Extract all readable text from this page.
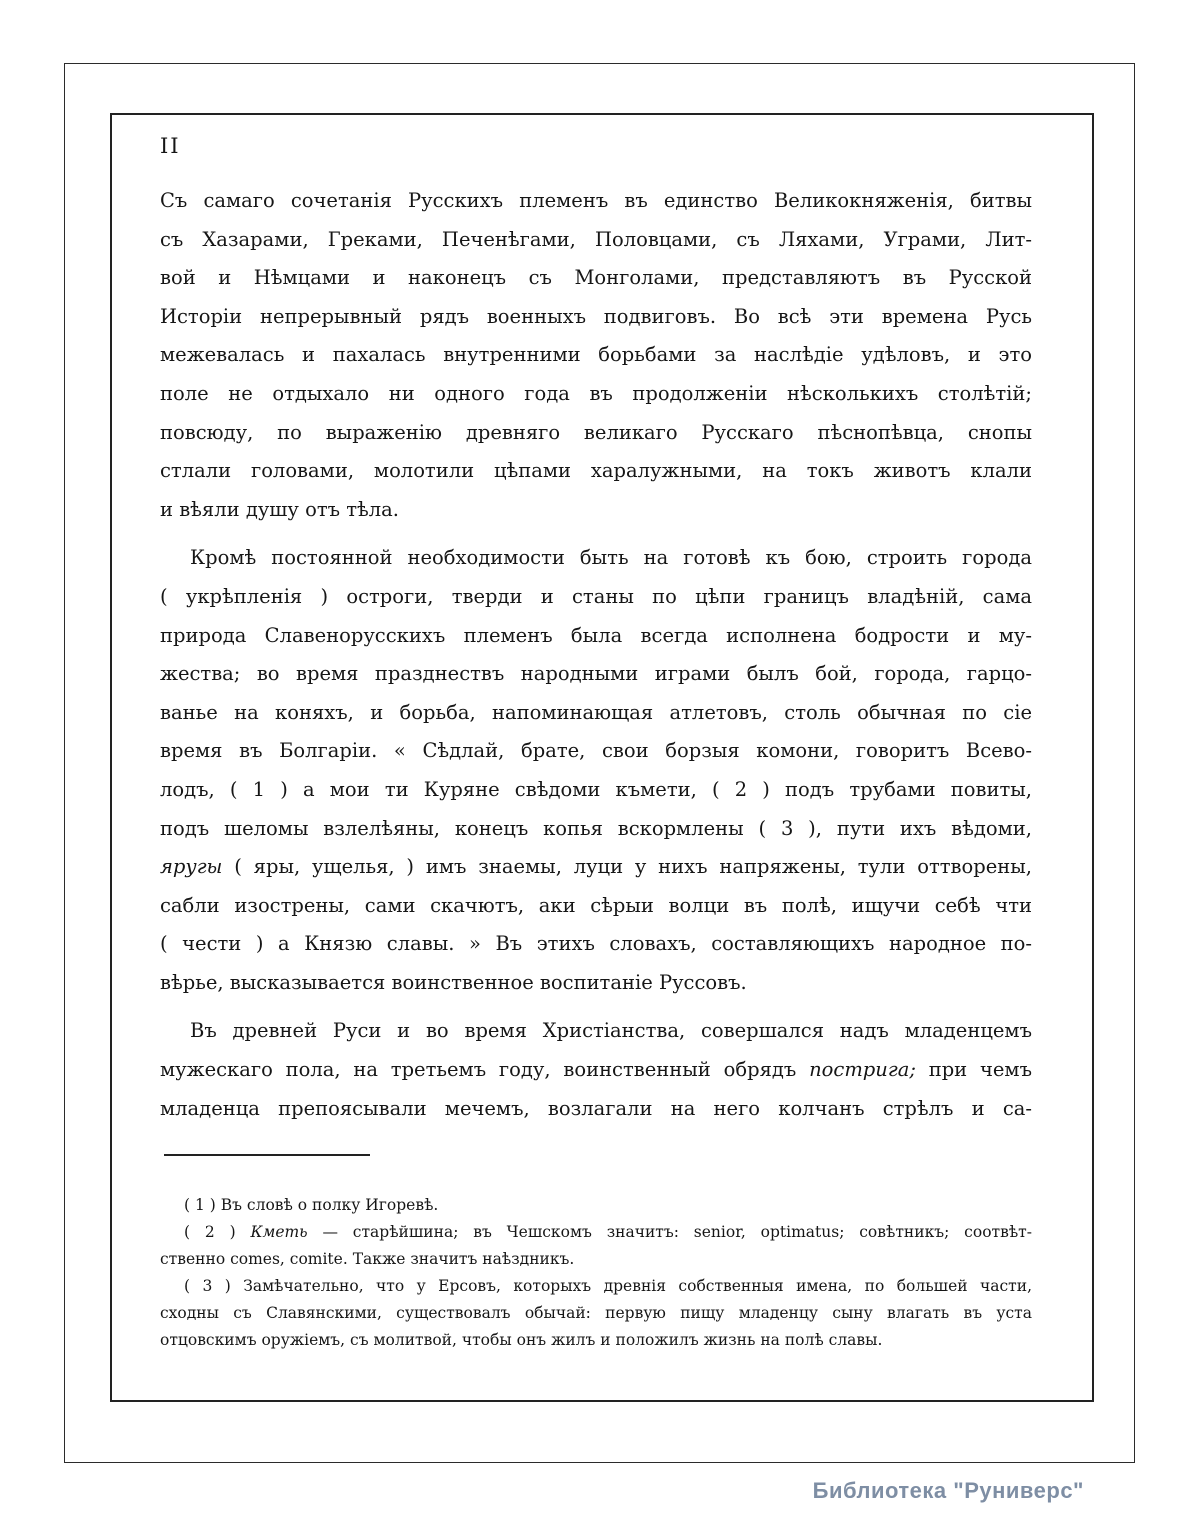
II
Съ самаго сочетанія Русскихъ племенъ въ единство Великокняженія, битвы
съ Хазарами, Греками, Печенѣгами, Половцами, съ Ляхами, Уграми, Лит-
вой и Нѣмцами и наконецъ съ Монголами, представляютъ въ Русской
Исторіи непрерывный рядъ военныхъ подвиговъ. Во всѣ эти времена Русь
межевалась и пахалась внутренними борьбами за наслѣдіе удѣловъ, и это
поле не отдыхало ни одного года въ продолженіи нѣсколькихъ столѣтій;
повсюду, по выраженію древняго великаго Русскаго пѣснопѣвца, снопы
стлали головами, молотили цѣпами харалужными, на токъ животъ клали
и вѣяли душу отъ тѣла.
Кромѣ постоянной необходимости быть на готовѣ къ бою, строить города
( укрѣпленія ) остроги, тверди и станы по цѣпи границъ владѣній, сама
природа Славенорусскихъ племенъ была всегда исполнена бодрости и му-
жества; во время празднествъ народными играми былъ бой, города, гарцо-
ванье на коняхъ, и борьба, напоминающая атлетовъ, столь обычная по сіе
время въ Болгаріи. « Сѣдлай, брате, свои борзыя комони, говоритъ Всево-
лодъ, ( 1 ) а мои ти Куряне свѣдоми къмети, ( 2 ) подъ трубами повиты,
подъ шеломы взлелѣяны, конецъ копья вскормлены ( 3 ), пути ихъ вѣдоми,
яругы ( яры, ущелья, ) имъ знаемы, луци у нихъ напряжены, тули оттворены,
сабли изострены, сами скачютъ, аки сѣрыи волци въ полѣ, ищучи себѣ чти
( чести ) а Князю славы. » Въ этихъ словахъ, составляющихъ народное по-
вѣрье, высказывается воинственное воспитаніе Руссовъ.
Въ древней Руси и во время Христіанства, совершался надъ младенцемъ
мужескаго пола, на третьемъ году, воинственный обрядъ пострига; при чемъ
младенца препоясывали мечемъ, возлагали на него колчанъ стрѣлъ и са-
( 1 ) Въ словѣ о полку Игоревѣ.
( 2 ) Кметь — старѣйшина; въ Чешскомъ значитъ: senior, optimatus; совѣтникъ; соотвѣт-
ственно comes, comite. Также значитъ наѣздникъ.
( 3 ) Замѣчательно, что у Ерсовъ, которыхъ древнія собственныя имена, по большей части,
сходны съ Славянскими, существовалъ обычай: первую пищу младенцу сыну влагать въ уста
отцовскимъ оружіемъ, съ молитвой, чтобы онъ жилъ и положилъ жизнь на полѣ славы.
Библиотека "Руниверс"
